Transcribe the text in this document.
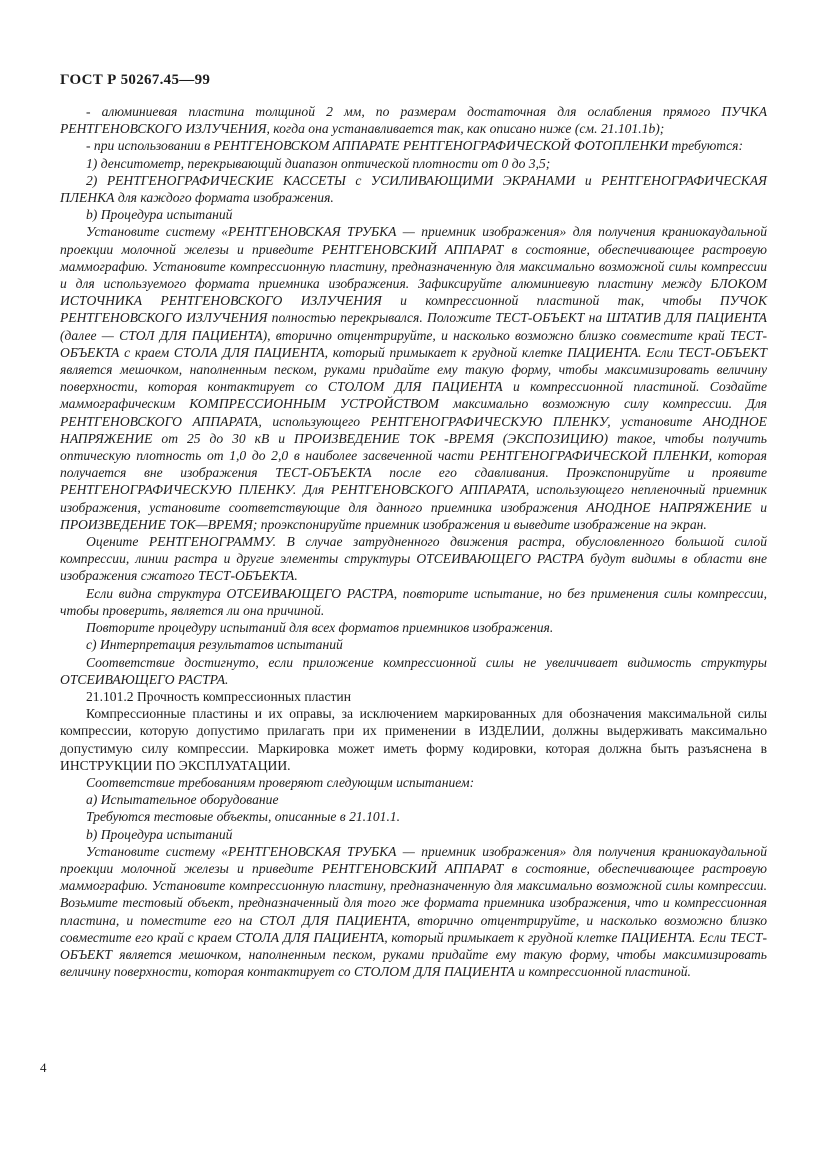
ГОСТ Р 50267.45—99

- алюминиевая пластина толщиной 2 мм, по размерам достаточная для ослабления прямого ПУЧКА РЕНТГЕНОВСКОГО ИЗЛУЧЕНИЯ, когда она устанавливается так, как описано ниже (см. 21.101.1b);

- при использовании в РЕНТГЕНОВСКОМ АППАРАТЕ РЕНТГЕНОГРАФИЧЕСКОЙ ФОТОПЛЕНКИ требуются:

1) денситометр, перекрывающий диапазон оптической плотности от 0 до 3,5;

2) РЕНТГЕНОГРАФИЧЕСКИЕ КАССЕТЫ с УСИЛИВАЮЩИМИ ЭКРАНАМИ и РЕНТГЕНОГРАФИЧЕСКАЯ ПЛЕНКА для каждого формата изображения.

b) Процедура испытаний

Установите систему «РЕНТГЕНОВСКАЯ ТРУБКА — приемник изображения» для получения краниокаудальной проекции молочной железы и приведите РЕНТГЕНОВСКИЙ АППАРАТ в состояние, обеспечивающее растровую маммографию. Установите компрессионную пластину, предназначенную для максимально возможной силы компрессии и для используемого формата приемника изображения. Зафиксируйте алюминиевую пластину между БЛОКОМ ИСТОЧНИКА РЕНТГЕНОВСКОГО ИЗЛУЧЕНИЯ и компрессионной пластиной так, чтобы ПУЧОК РЕНТГЕНОВСКОГО ИЗЛУЧЕНИЯ полностью перекрывался. Положите ТЕСТ-ОБЪЕКТ на ШТАТИВ ДЛЯ ПАЦИЕНТА (далее — СТОЛ ДЛЯ ПАЦИЕНТА), вторично отцентрируйте, и насколько возможно близко совместите край ТЕСТ-ОБЪЕКТА с краем СТОЛА ДЛЯ ПАЦИЕНТА, который примыкает к грудной клетке ПАЦИЕНТА. Если ТЕСТ-ОБЪЕКТ является мешочком, наполненным песком, руками придайте ему такую форму, чтобы максимизировать величину поверхности, которая контактирует со СТОЛОМ ДЛЯ ПАЦИЕНТА и компрессионной пластиной. Создайте маммографическим КОМПРЕССИОННЫМ УСТРОЙСТВОМ максимально возможную силу компрессии. Для РЕНТГЕНОВСКОГО АППАРАТА, использующего РЕНТГЕНОГРАФИЧЕСКУЮ ПЛЕНКУ, установите АНОДНОЕ НАПРЯЖЕНИЕ от 25 до 30 кВ и ПРОИЗВЕДЕНИЕ ТОК -ВРЕМЯ (ЭКСПОЗИЦИЮ) такое, чтобы получить оптическую плотность от 1,0 до 2,0 в наиболее засвеченной части РЕНТГЕНОГРАФИЧЕСКОЙ ПЛЕНКИ, которая получается вне изображения ТЕСТ-ОБЪЕКТА после его сдавливания. Проэкспонируйте и проявите РЕНТГЕНОГРАФИЧЕСКУЮ ПЛЕНКУ. Для РЕНТГЕНОВСКОГО АППАРАТА, использующего непленочный приемник изображения, установите соответствующие для данного приемника изображения АНОДНОЕ НАПРЯЖЕНИЕ и ПРОИЗВЕДЕНИЕ ТОК—ВРЕМЯ; проэкспонируйте приемник изображения и выведите изображение на экран.

Оцените РЕНТГЕНОГРАММУ. В случае затрудненного движения растра, обусловленного большой силой компрессии, линии растра и другие элементы структуры ОТСЕИВАЮЩЕГО РАСТРА будут видимы в области вне изображения сжатого ТЕСТ-ОБЪЕКТА.

Если видна структура ОТСЕИВАЮЩЕГО РАСТРА, повторите испытание, но без применения силы компрессии, чтобы проверить, является ли она причиной.

Повторите процедуру испытаний для всех форматов приемников изображения.

c) Интерпретация результатов испытаний

Соответствие достигнуто, если приложение компрессионной силы не увеличивает видимость структуры ОТСЕИВАЮЩЕГО РАСТРА.

21.101.2 Прочность компрессионных пластин

Компрессионные пластины и их оправы, за исключением маркированных для обозначения максимальной силы компрессии, которую допустимо прилагать при их применении в ИЗДЕЛИИ, должны выдерживать максимально допустимую силу компрессии. Маркировка может иметь форму кодировки, которая должна быть разъяснена в ИНСТРУКЦИИ ПО ЭКСПЛУАТАЦИИ.

Соответствие требованиям проверяют следующим испытанием:

a) Испытательное оборудование

Требуются тестовые объекты, описанные в 21.101.1.

b) Процедура испытаний

Установите систему «РЕНТГЕНОВСКАЯ ТРУБКА — приемник изображения» для получения краниокаудальной проекции молочной железы и приведите РЕНТГЕНОВСКИЙ АППАРАТ в состояние, обеспечивающее растровую маммографию. Установите компрессионную пластину, предназначенную для максимально возможной силы компрессии. Возьмите тестовый объект, предназначенный для того же формата приемника изображения, что и компрессионная пластина, и поместите его на СТОЛ ДЛЯ ПАЦИЕНТА, вторично отцентрируйте, и насколько возможно близко совместите его край с краем СТОЛА ДЛЯ ПАЦИЕНТА, который примыкает к грудной клетке ПАЦИЕНТА. Если ТЕСТ-ОБЪЕКТ является мешочком, наполненным песком, руками придайте ему такую форму, чтобы максимизировать величину поверхности, которая контактирует со СТОЛОМ ДЛЯ ПАЦИЕНТА и компрессионной пластиной.

4
